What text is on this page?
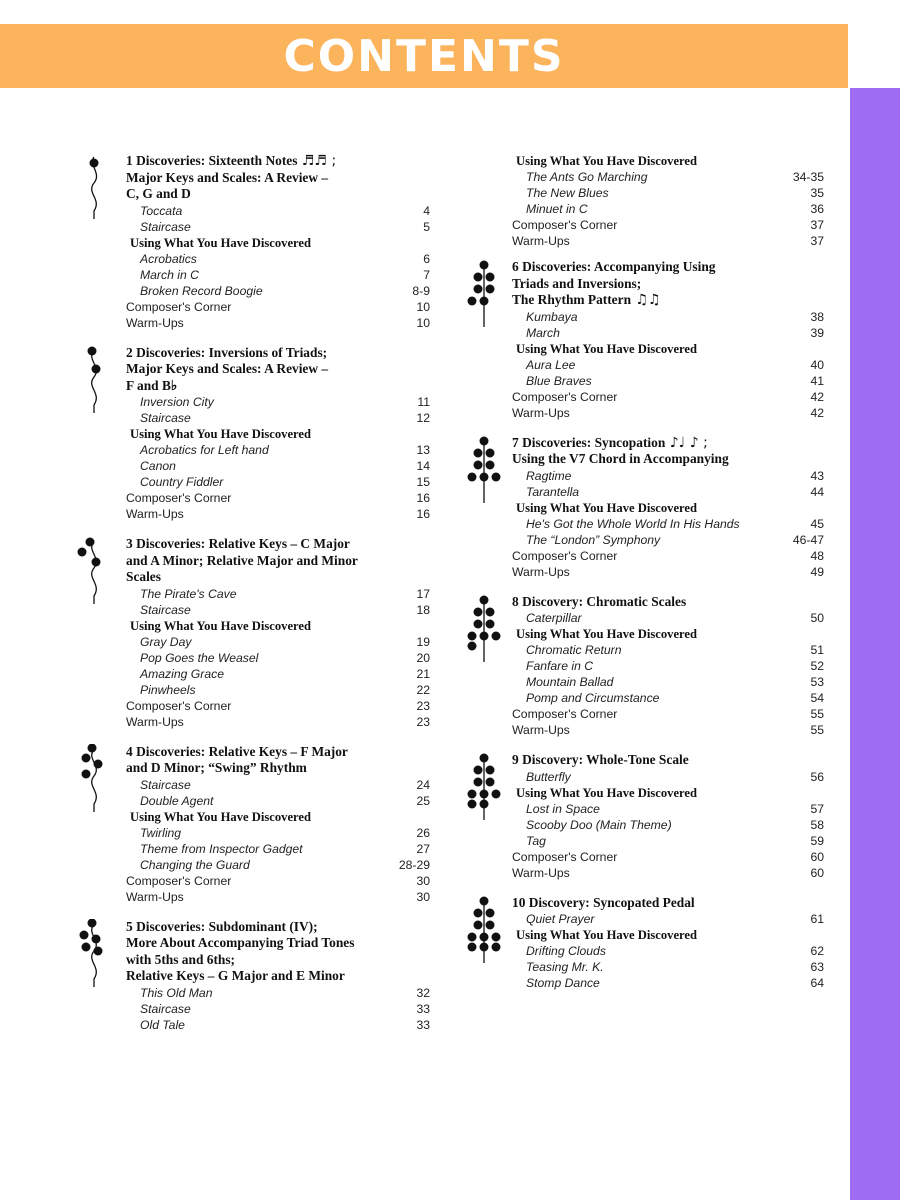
CONTENTS
1 Discoveries: Sixteenth Notes ♬♬ ;
Major Keys and Scales: A Review –
C, G and D
Toccata	4
Staircase	5
Using What You Have Discovered
Acrobatics	6
March in C	7
Broken Record Boogie	8-9
Composer's Corner	10
Warm-Ups	10
2 Discoveries: Inversions of Triads;
Major Keys and Scales: A Review –
F and B♭
Inversion City	11
Staircase	12
Using What You Have Discovered
Acrobatics for Left hand	13
Canon	14
Country Fiddler	15
Composer's Corner	16
Warm-Ups	16
3 Discoveries: Relative Keys – C Major
and A Minor; Relative Major and Minor
Scales
The Pirate's Cave	17
Staircase	18
Using What You Have Discovered
Gray Day	19
Pop Goes the Weasel	20
Amazing Grace	21
Pinwheels	22
Composer's Corner	23
Warm-Ups	23
4 Discoveries: Relative Keys – F Major
and D Minor; “Swing” Rhythm
Staircase	24
Double Agent	25
Using What You Have Discovered
Twirling	26
Theme from Inspector Gadget	27
Changing the Guard	28-29
Composer's Corner	30
Warm-Ups	30
5 Discoveries: Subdominant (IV);
More About Accompanying Triad Tones
with 5ths and 6ths;
Relative Keys – G Major and E Minor
This Old Man	32
Staircase	33
Old Tale	33
Using What You Have Discovered
The Ants Go Marching	34-35
The New Blues	35
Minuet in C	36
Composer's Corner	37
Warm-Ups	37
6 Discoveries: Accompanying Using
Triads and Inversions;
The Rhythm Pattern ♫♫
Kumbaya	38
March	39
Using What You Have Discovered
Aura Lee	40
Blue Braves	41
Composer's Corner	42
Warm-Ups	42
7 Discoveries: Syncopation ♪♩ ♪ ;
Using the V7 Chord in Accompanying
Ragtime	43
Tarantella	44
Using What You Have Discovered
He's Got the Whole World In His Hands	45
The “London” Symphony	46-47
Composer's Corner	48
Warm-Ups	49
8 Discovery: Chromatic Scales
Caterpillar	50
Using What You Have Discovered
Chromatic Return	51
Fanfare in C	52
Mountain Ballad	53
Pomp and Circumstance	54
Composer's Corner	55
Warm-Ups	55
9 Discovery: Whole-Tone Scale
Butterfly	56
Using What You Have Discovered
Lost in Space	57
Scooby Doo (Main Theme)	58
Tag	59
Composer's Corner	60
Warm-Ups	60
10 Discovery: Syncopated Pedal
Quiet Prayer	61
Using What You Have Discovered
Drifting Clouds	62
Teasing Mr. K.	63
Stomp Dance	64
